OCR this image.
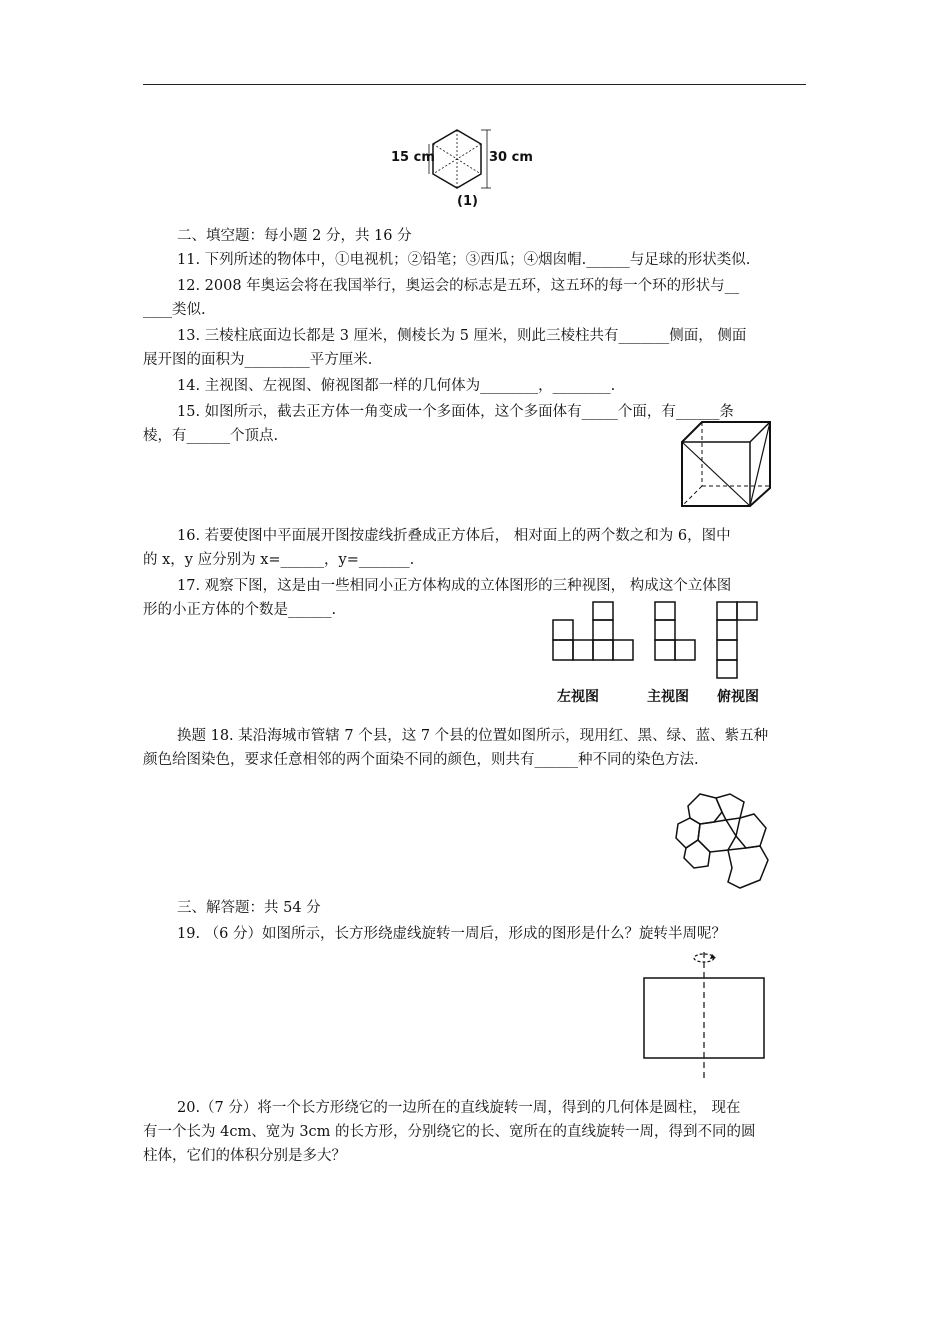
15 cm	30 cm
(1)
二、填空题：每小题 2 分，共 16 分
11. 下列所述的物体中，①电视机；②铅笔；③西瓜；④烟囱帽.______与足球的形状类似.
12. 2008 年奥运会将在我国举行，奥运会的标志是五环，这五环的每一个环的形状与__
____类似.
13. 三棱柱底面边长都是 3 厘米，侧棱长为 5 厘米，则此三棱柱共有_______侧面， 侧面
展开图的面积为_________平方厘米.
14. 主视图、左视图、俯视图都一样的几何体为________，________.
15. 如图所示，截去正方体一角变成一个多面体，这个多面体有_____个面，有______条
棱，有______个顶点.
16. 若要使图中平面展开图按虚线折叠成正方体后， 相对面上的两个数之和为 6，图中
的 x，y 应分别为 x=______，y=_______.
17. 观察下图，这是由一些相同小正方体构成的立体图形的三种视图， 构成这个立体图
形的小正方体的个数是______.
左视图	主视图 俯视图
换题 18. 某沿海城市管辖 7 个县，这 7 个县的位置如图所示，现用红、黑、绿、蓝、紫五种
颜色给图染色，要求任意相邻的两个面染不同的颜色，则共有______种不同的染色方法.
三、解答题：共 54 分
19. （6 分）如图所示，长方形绕虚线旋转一周后，形成的图形是什么？旋转半周呢？
20.（7 分）将一个长方形绕它的一边所在的直线旋转一周，得到的几何体是圆柱， 现在
有一个长为 4cm、宽为 3cm 的长方形，分别绕它的长、宽所在的直线旋转一周，得到不同的圆
柱体，它们的体积分别是多大？
